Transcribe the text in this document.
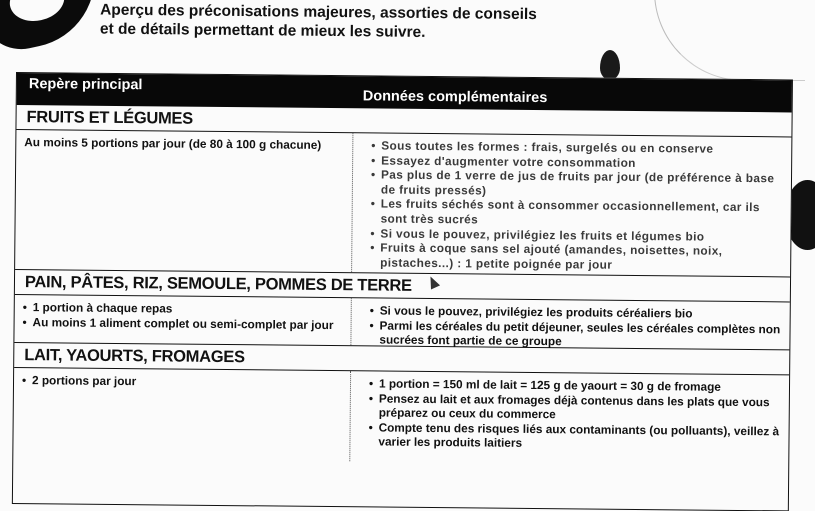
Aperçu des préconisations majeures, assorties de conseils
et de détails permettant de mieux les suivre.
Repère principal
Données complémentaires
FRUITS ET LÉGUMES
Au moins 5 portions par jour (de 80 à 100 g chacune)	• Sous toutes les formes : frais, surgelés ou en conserve
• Essayez d'augmenter votre consommation
• Pas plus de 1 verre de jus de fruits par jour (de préférence à base de fruits pressés)
• Les fruits séchés sont à consommer occasionnellement, car ils sont très sucrés
• Si vous le pouvez, privilégiez les fruits et légumes bio
• Fruits à coque sans sel ajouté (amandes, noisettes, noix, pistaches...) : 1 petite poignée par jour
PAIN, PÂTES, RIZ, SEMOULE, POMMES DE TERRE
• 1 portion à chaque repas
• Au moins 1 aliment complet ou semi-complet par jour
• Si vous le pouvez, privilégiez les produits céréaliers bio
• Parmi les céréales du petit déjeuner, seules les céréales complètes non sucrées font partie de ce groupe
LAIT, YAOURTS, FROMAGES
• 2 portions par jour	• 1 portion = 150 ml de lait = 125 g de yaourt = 30 g de fromage
• Pensez au lait et aux fromages déjà contenus dans les plats que vous préparez ou ceux du commerce
• Compte tenu des risques liés aux contaminants (ou polluants), veillez à varier les produits laitiers
